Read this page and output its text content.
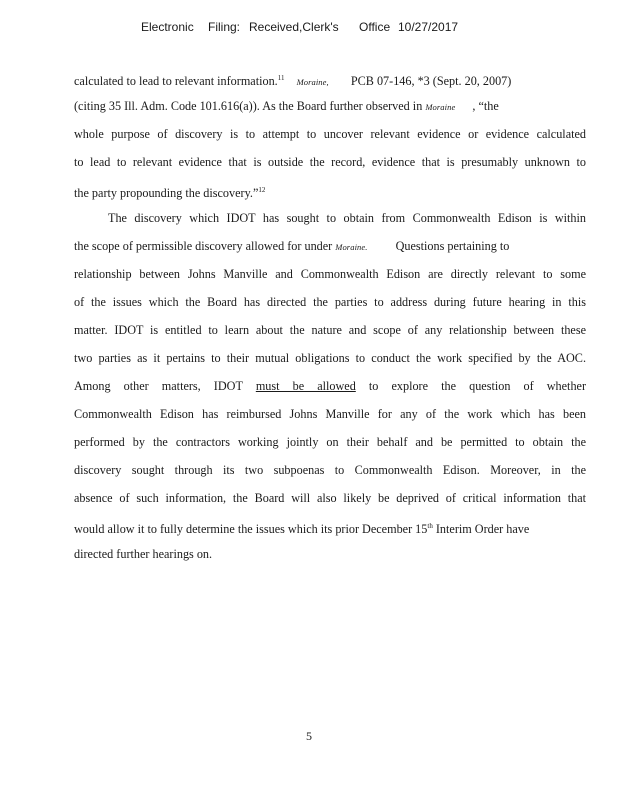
Electronic Filing: Received,Clerk's Office 10/27/2017
calculated to lead to relevant information.$^{11}$ Moraine, PCB 07-146, *3 (Sept. 20, 2007)
(citing 35 Ill. Adm. Code 101.616(a)). As the Board further observed in Moraine , “the
whole purpose of discovery is to attempt to uncover relevant evidence or evidence calculated
to lead to relevant evidence that is outside the record, evidence that is presumably unknown to
the party propounding the discovery.”$^{12}$
The discovery which IDOT has sought to obtain from Commonwealth Edison is within
the scope of permissible discovery allowed for under Moraine. Questions pertaining to
relationship between Johns Manville and Commonwealth Edison are directly relevant to some
of the issues which the Board has directed the parties to address during future hearing in this
matter. IDOT is entitled to learn about the nature and scope of any relationship between these
two parties as it pertains to their mutual obligations to conduct the work specified by the AOC.
Among other matters, IDOT must be allowed to explore the question of whether
Commonwealth Edison has reimbursed Johns Manville for any of the work which has been
performed by the contractors working jointly on their behalf and be permitted to obtain the
discovery sought through its two subpoenas to Commonwealth Edison. Moreover, in the
absence of such information, the Board will also likely be deprived of critical information that
would allow it to fully determine the issues which its prior December 15th Interim Order have
directed further hearings on.
5
